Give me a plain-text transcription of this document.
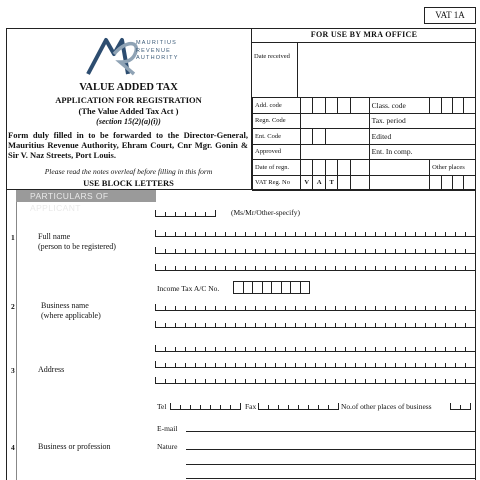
VAT 1A
MAURITIUS
REVENUE
AUTHORITY
VALUE ADDED TAX
APPLICATION FOR REGISTRATION
(The Value Added Tax Act )
(section 15(2)(a)(i))
Form duly filled in to be forwarded to the Director-General, Mauritius Revenue Authority, Ehram Court, Cnr Mgr. Gonin & Sir V. Naz Streets, Port Louis.
Please read the notes overleaf before filling in this form
USE BLOCK LETTERS
FOR USE BY MRA OFFICE
Date received
Add. code						Class. code				
Regn. Code						Tax. period				
Ent. Code						Edited				
Approved						Ent. In comp.				
Date of regn.							Other places			
VAT Reg. No	V	A	T							
PARTICULARS OF APPLICANT	(Ms/Mr/Other-specify)
1	Full name
(person to be registered)
Income Tax A/C No.
2	Business name
(where applicable)
3	Address
Tel	Fax	No.of other places of business
E-mail
4	Business or profession	Nature
